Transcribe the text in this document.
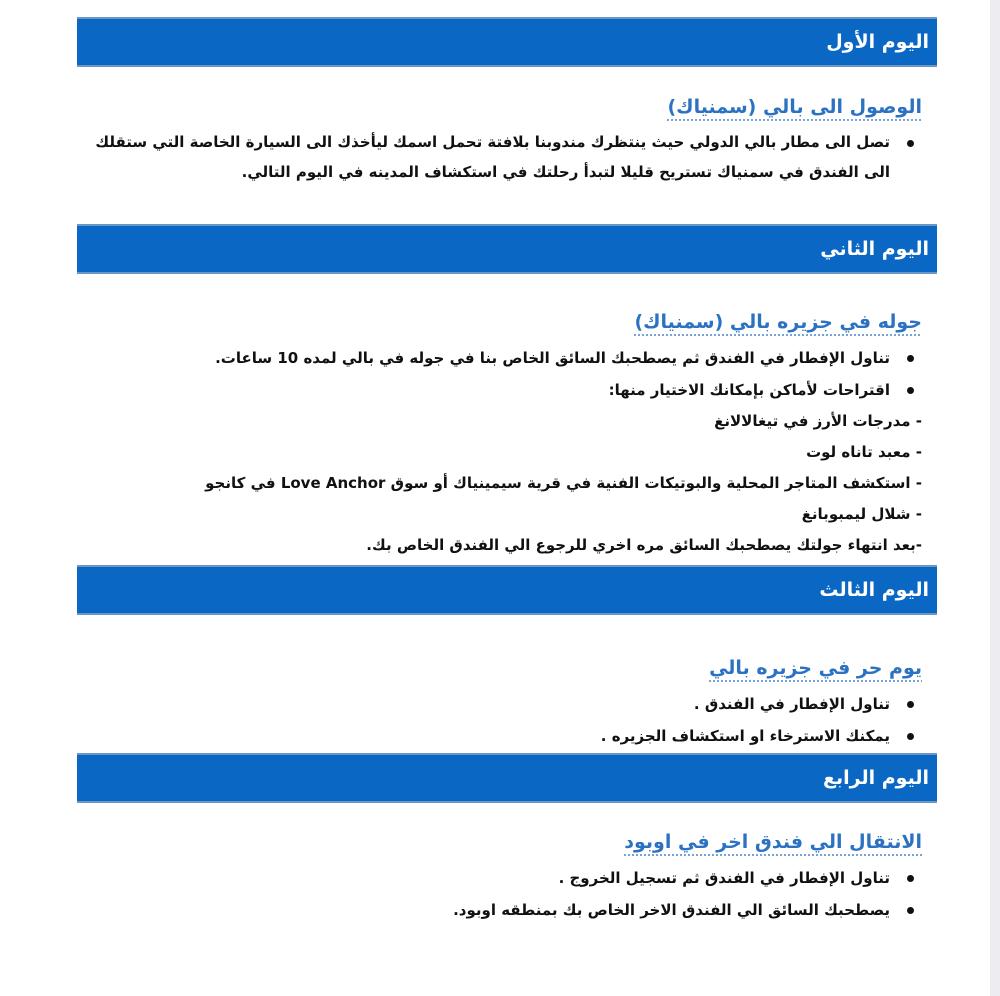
اليوم الأول
الوصول الى بالي (سمنياك)
تصل الى مطار بالي الدولي حيث ينتظرك مندوبنا بلافتة تحمل اسمك ليأخذك الى السيارة الخاصة التي ستقلك الى الفندق في سمنياك تستريح قليلا لتبدأ رحلتك في استكشاف المدينه في اليوم التالي.
اليوم الثاني
جوله في جزيره بالي (سمنياك)
تناول الإفطار في الفندق ثم يصطحبك السائق الخاص بنا في جوله في بالي لمده 10 ساعات.
اقتراحات لأماكن بإمكانك الاختيار منها:
- مدرجات الأرز في تيغالالانغ
- معبد تاناه لوت
- استكشف المتاجر المحلية والبوتيكات الفنية في قرية سيمينياك أو سوق Love Anchor في كانجو
- شلال ليمبوبانغ
- بعد انتهاء جولتك يصطحبك السائق مره اخري للرجوع الي الفندق الخاص بك.
اليوم الثالث
يوم حر في جزيره بالي
تناول الإفطار في الفندق .
يمكنك الاسترخاء او استكشاف الجزيره .
اليوم الرابع
الانتقال الي فندق اخر في اوبود
تناول الإفطار في الفندق ثم تسجيل الخروج .
يصطحبك السائق الي الفندق الاخر الخاص بك بمنطقه اوبود.
